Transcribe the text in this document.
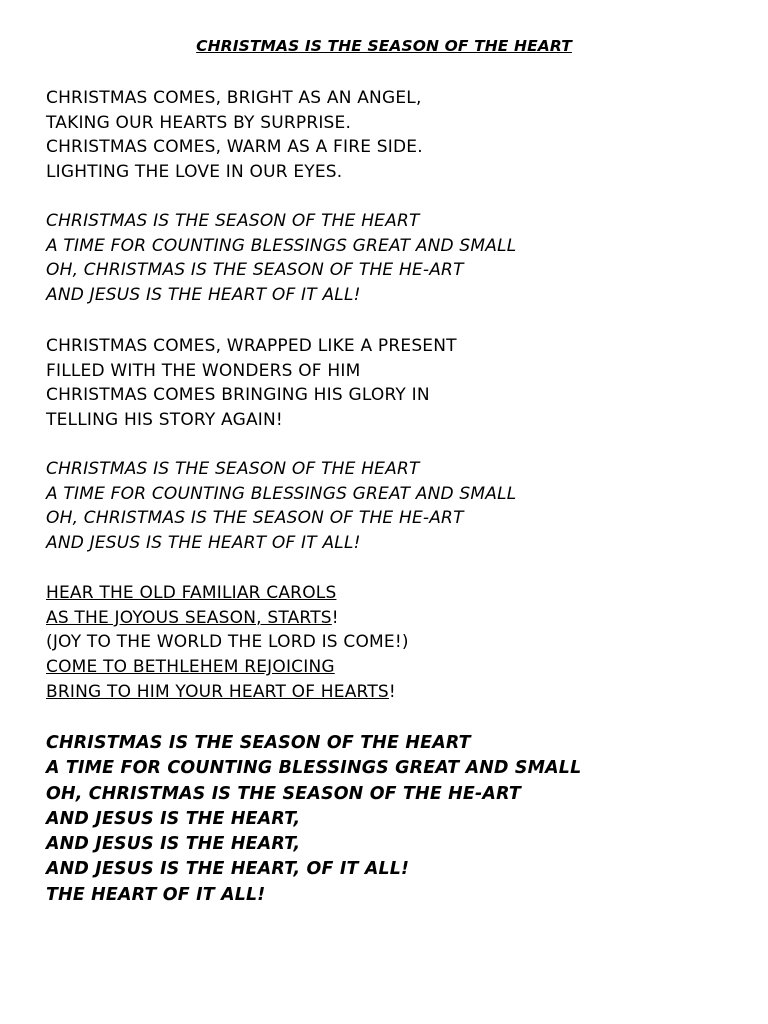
CHRISTMAS IS THE SEASON OF THE HEART
CHRISTMAS COMES, BRIGHT AS AN ANGEL,
TAKING OUR HEARTS BY SURPRISE.
CHRISTMAS COMES, WARM AS A FIRE SIDE.
LIGHTING THE LOVE IN OUR EYES.
CHRISTMAS IS THE SEASON OF THE HEART
A TIME FOR COUNTING BLESSINGS GREAT AND SMALL
OH, CHRISTMAS IS THE SEASON OF THE HE-ART
AND JESUS IS THE HEART OF IT ALL!
CHRISTMAS COMES, WRAPPED LIKE A PRESENT
FILLED WITH THE WONDERS OF HIM
CHRISTMAS COMES BRINGING HIS GLORY IN
TELLING HIS STORY AGAIN!
CHRISTMAS IS THE SEASON OF THE HEART
A TIME FOR COUNTING BLESSINGS GREAT AND SMALL
OH, CHRISTMAS IS THE SEASON OF THE HE-ART
AND JESUS IS THE HEART OF IT ALL!
HEAR THE OLD FAMILIAR CAROLS
AS THE JOYOUS SEASON, STARTS!
(JOY TO THE WORLD THE LORD IS COME!)
COME TO BETHLEHEM REJOICING
BRING TO HIM YOUR HEART OF HEARTS!
CHRISTMAS IS THE SEASON OF THE HEART
A TIME FOR COUNTING BLESSINGS GREAT AND SMALL
OH, CHRISTMAS IS THE SEASON OF THE HE-ART
AND JESUS IS THE HEART,
AND JESUS IS THE HEART,
AND JESUS IS THE HEART, OF IT ALL!
THE HEART OF IT ALL!
